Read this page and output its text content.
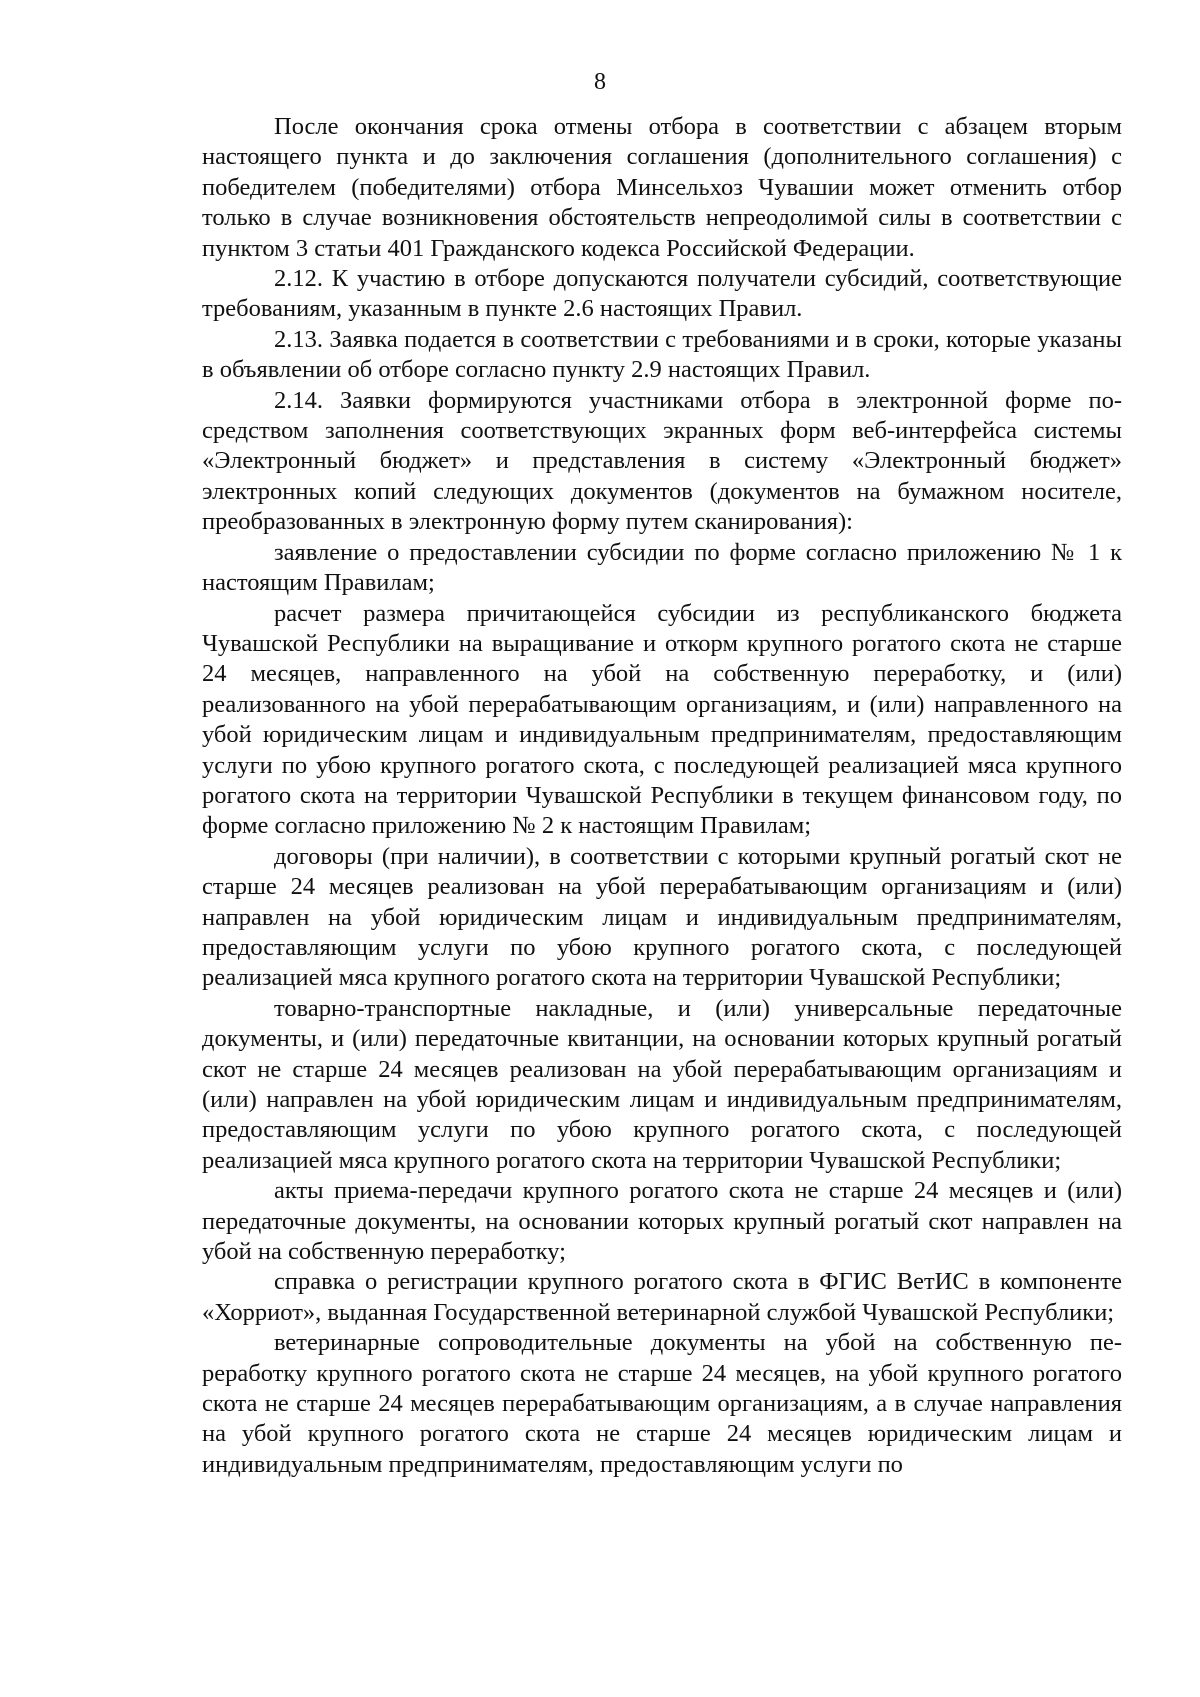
8

После окончания срока отмены отбора в соответствии с абзацем вторым настоящего пункта и до заключения соглашения (дополнительного соглашения) с победителем (победителями) отбора Минсельхоз Чувашии может отменить отбор только в случае возникновения обстоятельств непреодолимой силы в соответствии с пунктом 3 статьи 401 Гражданского кодекса Российской Федерации.

2.12. К участию в отборе допускаются получатели субсидий, соответствующие требованиям, указанным в пункте 2.6 настоящих Правил.

2.13. Заявка подается в соответствии с требованиями и в сроки, которые указаны в объявлении об отборе согласно пункту 2.9 настоящих Правил.

2.14. Заявки формируются участниками отбора в электронной форме посредством заполнения соответствующих экранных форм веб-интерфейса системы «Электронный бюджет» и представления в систему «Электронный бюджет» электронных копий следующих документов (документов на бумажном носителе, преобразованных в электронную форму путем сканирования):

заявление о предоставлении субсидии по форме согласно приложению № 1 к настоящим Правилам;

расчет размера причитающейся субсидии из республиканского бюджета Чувашской Республики на выращивание и откорм крупного рогатого скота не старше 24 месяцев, направленного на убой на собственную переработку, и (или) реализованного на убой перерабатывающим организациям, и (или) направленного на убой юридическим лицам и индивидуальным предпринимателям, предоставляющим услуги по убою крупного рогатого скота, с последующей реализацией мяса крупного рогатого скота на территории Чувашской Республики в текущем финансовом году, по форме согласно приложению № 2 к настоящим Правилам;

договоры (при наличии), в соответствии с которыми крупный рогатый скот не старше 24 месяцев реализован на убой перерабатывающим организациям и (или) направлен на убой юридическим лицам и индивидуальным предпринимателям, предоставляющим услуги по убою крупного рогатого скота, с последующей реализацией мяса крупного рогатого скота на территории Чувашской Республики;

товарно-транспортные накладные, и (или) универсальные передаточные документы, и (или) передаточные квитанции, на основании которых крупный рогатый скот не старше 24 месяцев реализован на убой перерабатывающим организациям и (или) направлен на убой юридическим лицам и индивидуальным предпринимателям, предоставляющим услуги по убою крупного рогатого скота, с последующей реализацией мяса крупного рогатого скота на территории Чувашской Республики;

акты приема-передачи крупного рогатого скота не старше 24 месяцев и (или) передаточные документы, на основании которых крупный рогатый скот направлен на убой на собственную переработку;

справка о регистрации крупного рогатого скота в ФГИС ВетИС в компоненте «Хорриот», выданная Государственной ветеринарной службой Чувашской Республики;

ветеринарные сопроводительные документы на убой на собственную переработку крупного рогатого скота не старше 24 месяцев, на убой крупного рогатого скота не старше 24 месяцев перерабатывающим организациям, а в случае направления на убой крупного рогатого скота не старше 24 месяцев юридическим лицам и индивидуальным предпринимателям, предоставляющим услуги по
